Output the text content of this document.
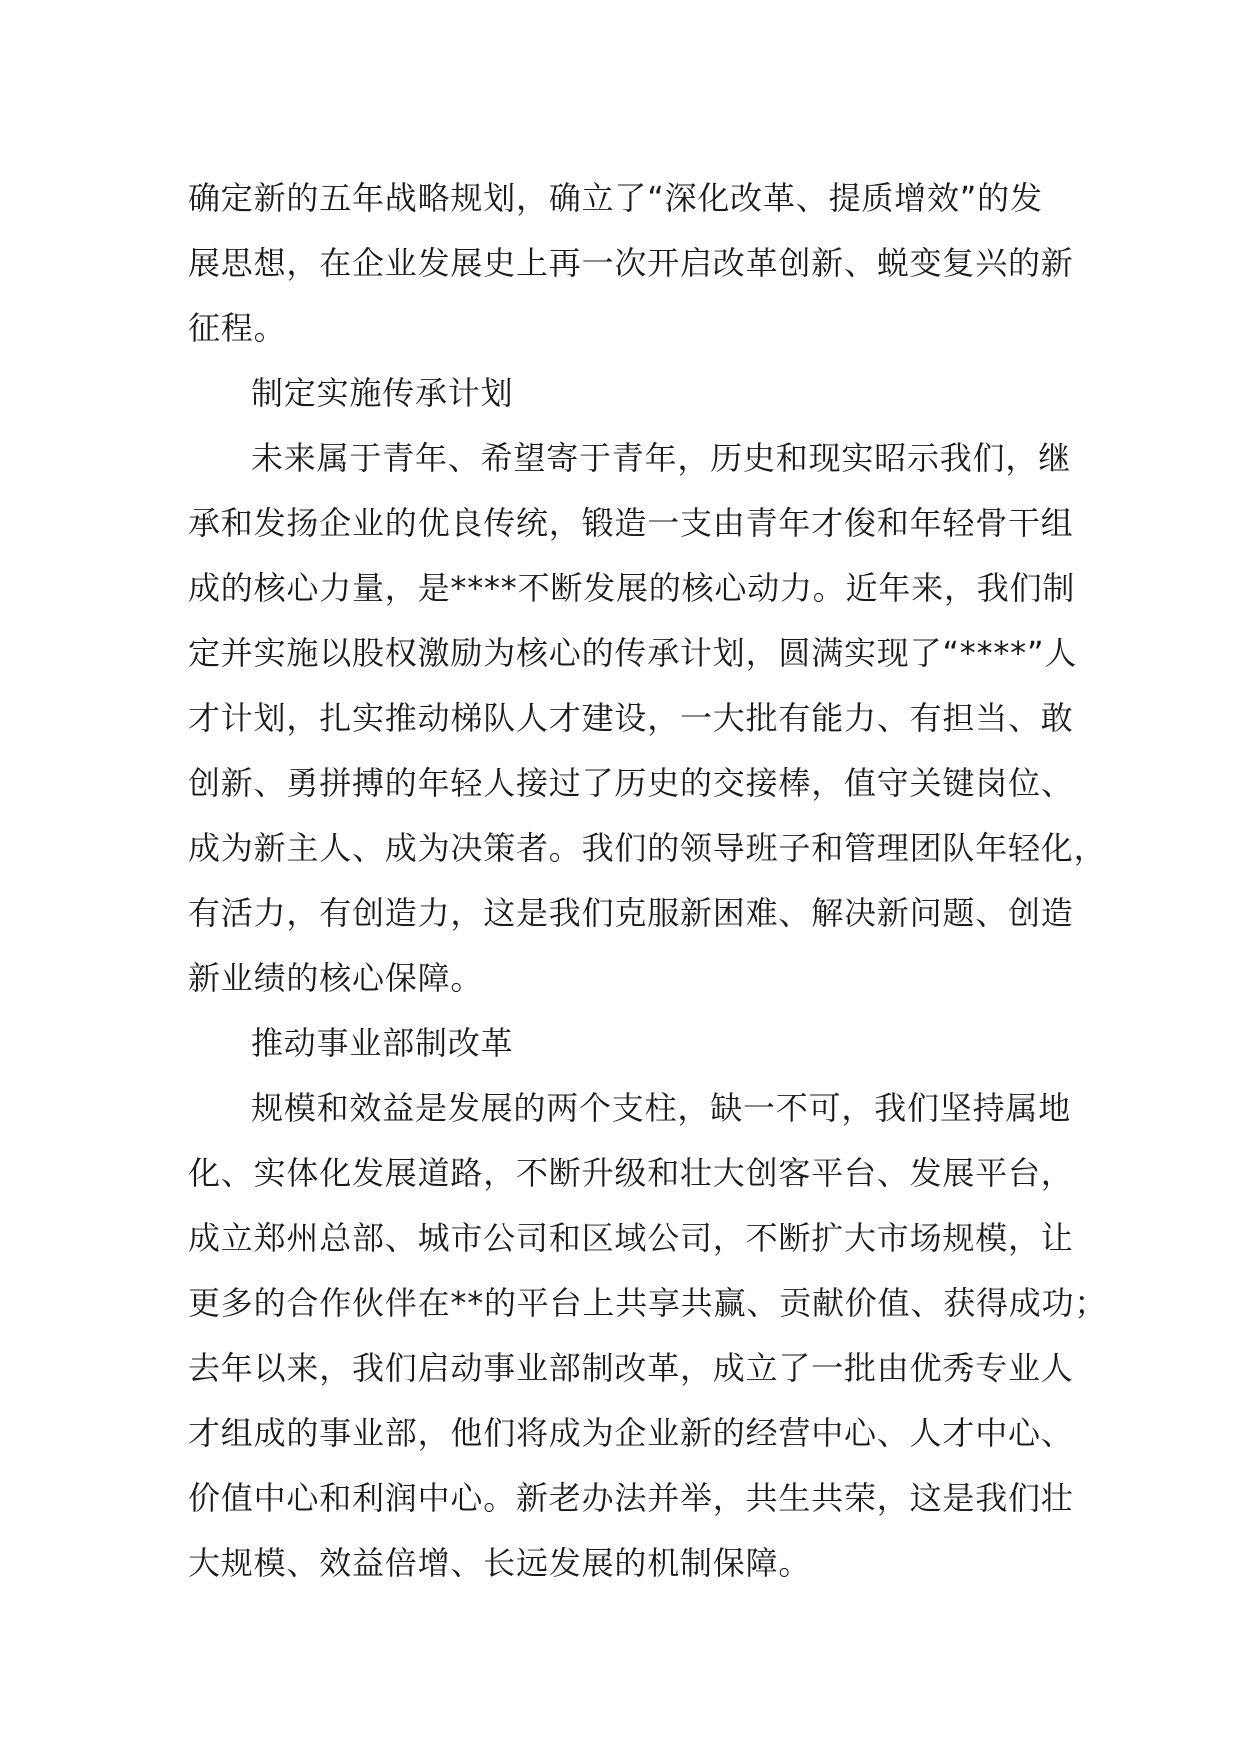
确定新的五年战略规划，确立了“深化改革、提质增效”的发
展思想，在企业发展史上再一次开启改革创新、蜕变复兴的新
征程。
制定实施传承计划
未来属于青年、希望寄于青年，历史和现实昭示我们，继
承和发扬企业的优良传统，锻造一支由青年才俊和年轻骨干组
成的核心力量，是****不断发展的核心动力。近年来，我们制
定并实施以股权激励为核心的传承计划，圆满实现了“****”人
才计划，扎实推动梯队人才建设，一大批有能力、有担当、敢
创新、勇拼搏的年轻人接过了历史的交接棒，值守关键岗位、
成为新主人、成为决策者。我们的领导班子和管理团队年轻化，
有活力，有创造力，这是我们克服新困难、解决新问题、创造
新业绩的核心保障。
推动事业部制改革
规模和效益是发展的两个支柱，缺一不可，我们坚持属地
化、实体化发展道路，不断升级和壮大创客平台、发展平台，
成立郑州总部、城市公司和区域公司，不断扩大市场规模，让
更多的合作伙伴在**的平台上共享共赢、贡献价值、获得成功；
去年以来，我们启动事业部制改革，成立了一批由优秀专业人
才组成的事业部，他们将成为企业新的经营中心、人才中心、
价值中心和利润中心。新老办法并举，共生共荣，这是我们壮
大规模、效益倍增、长远发展的机制保障。
